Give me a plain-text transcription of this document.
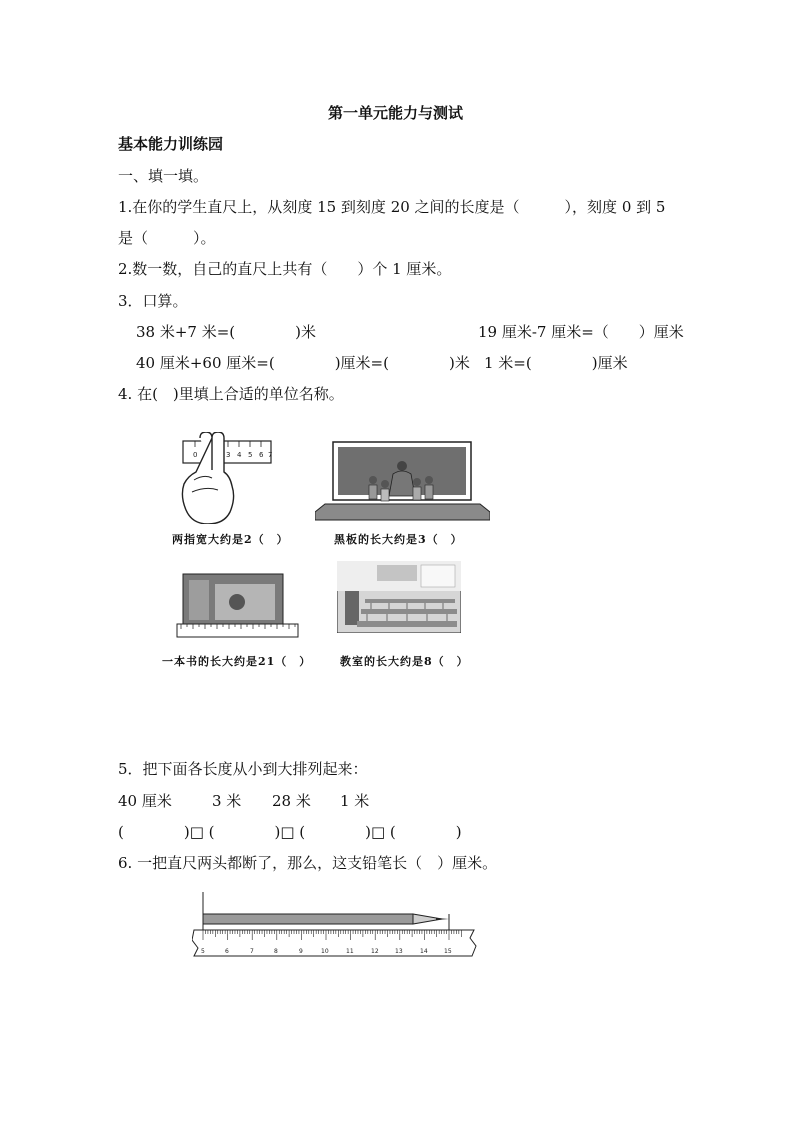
第一单元能力与测试
基本能力训练园
一、填一填。
1.在你的学生直尺上，从刻度 15 到刻度 20 之间的长度是（　　　），刻度 0 到 5
是（　　　）。
2.数一数，自己的直尺上共有（　　）个 1 厘米。
3．口算。
38 米+7 米=(　　　　)米	19 厘米-7 厘米=（　　）厘米
40 厘米+60 厘米=(　　　　)厘米=(　　　　)米 1 米=(　　　　)厘米
4. 在(　)里填上合适的单位名称。
0	3 4 5 6 7
两指宽大约是2（　）	黑板的长大约是3（　）
一本书的长大约是21（　）	教室的长大约是8（　）
5．把下面各长度从小到大排列起来：
40 厘米	3 米 28 米 1 米
(　　　　)□ (　　　　)□ (　　　　)□ (　　　　)
6. 一把直尺两头都断了，那么，这支铅笔长（　）厘米。
5	6	7	8	9	10	11	12	13	14	15
